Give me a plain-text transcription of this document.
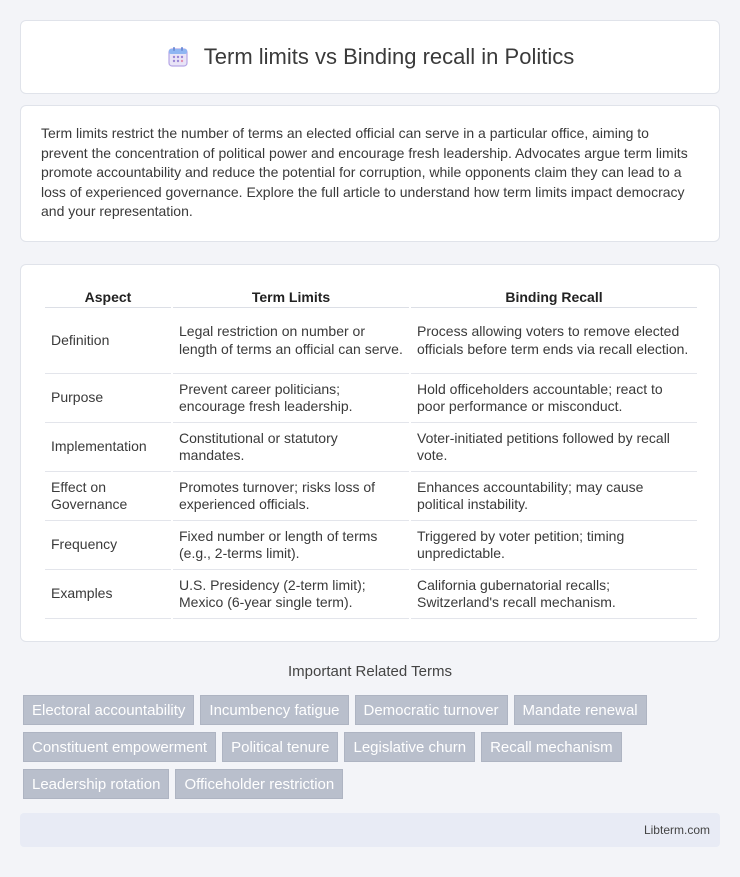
Term limits vs Binding recall in Politics

Term limits restrict the number of terms an elected official can serve in a particular office, aiming to prevent the concentration of political power and encourage fresh leadership. Advocates argue term limits promote accountability and reduce the potential for corruption, while opponents claim they can lead to a loss of experienced governance. Explore the full article to understand how term limits impact democracy and your representation.

Aspect	Term Limits	Binding Recall
Definition	Legal restriction on number or length of terms an official can serve.	Process allowing voters to remove elected officials before term ends via recall election.
Purpose	Prevent career politicians; encourage fresh leadership.	Hold officeholders accountable; react to poor performance or misconduct.
Implementation	Constitutional or statutory mandates.	Voter-initiated petitions followed by recall vote.
Effect on Governance	Promotes turnover; risks loss of experienced officials.	Enhances accountability; may cause political instability.
Frequency	Fixed number or length of terms (e.g., 2-terms limit).	Triggered by voter petition; timing unpredictable.
Examples	U.S. Presidency (2-term limit); Mexico (6-year single term).	California gubernatorial recalls; Switzerland's recall mechanism.
Important Related Terms
Electoral accountability	Incumbency fatigue	Democratic turnover	Mandate renewal
Constituent empowerment	Political tenure	Legislative churn	Recall mechanism
Leadership rotation	Officeholder restriction
Libterm.com
